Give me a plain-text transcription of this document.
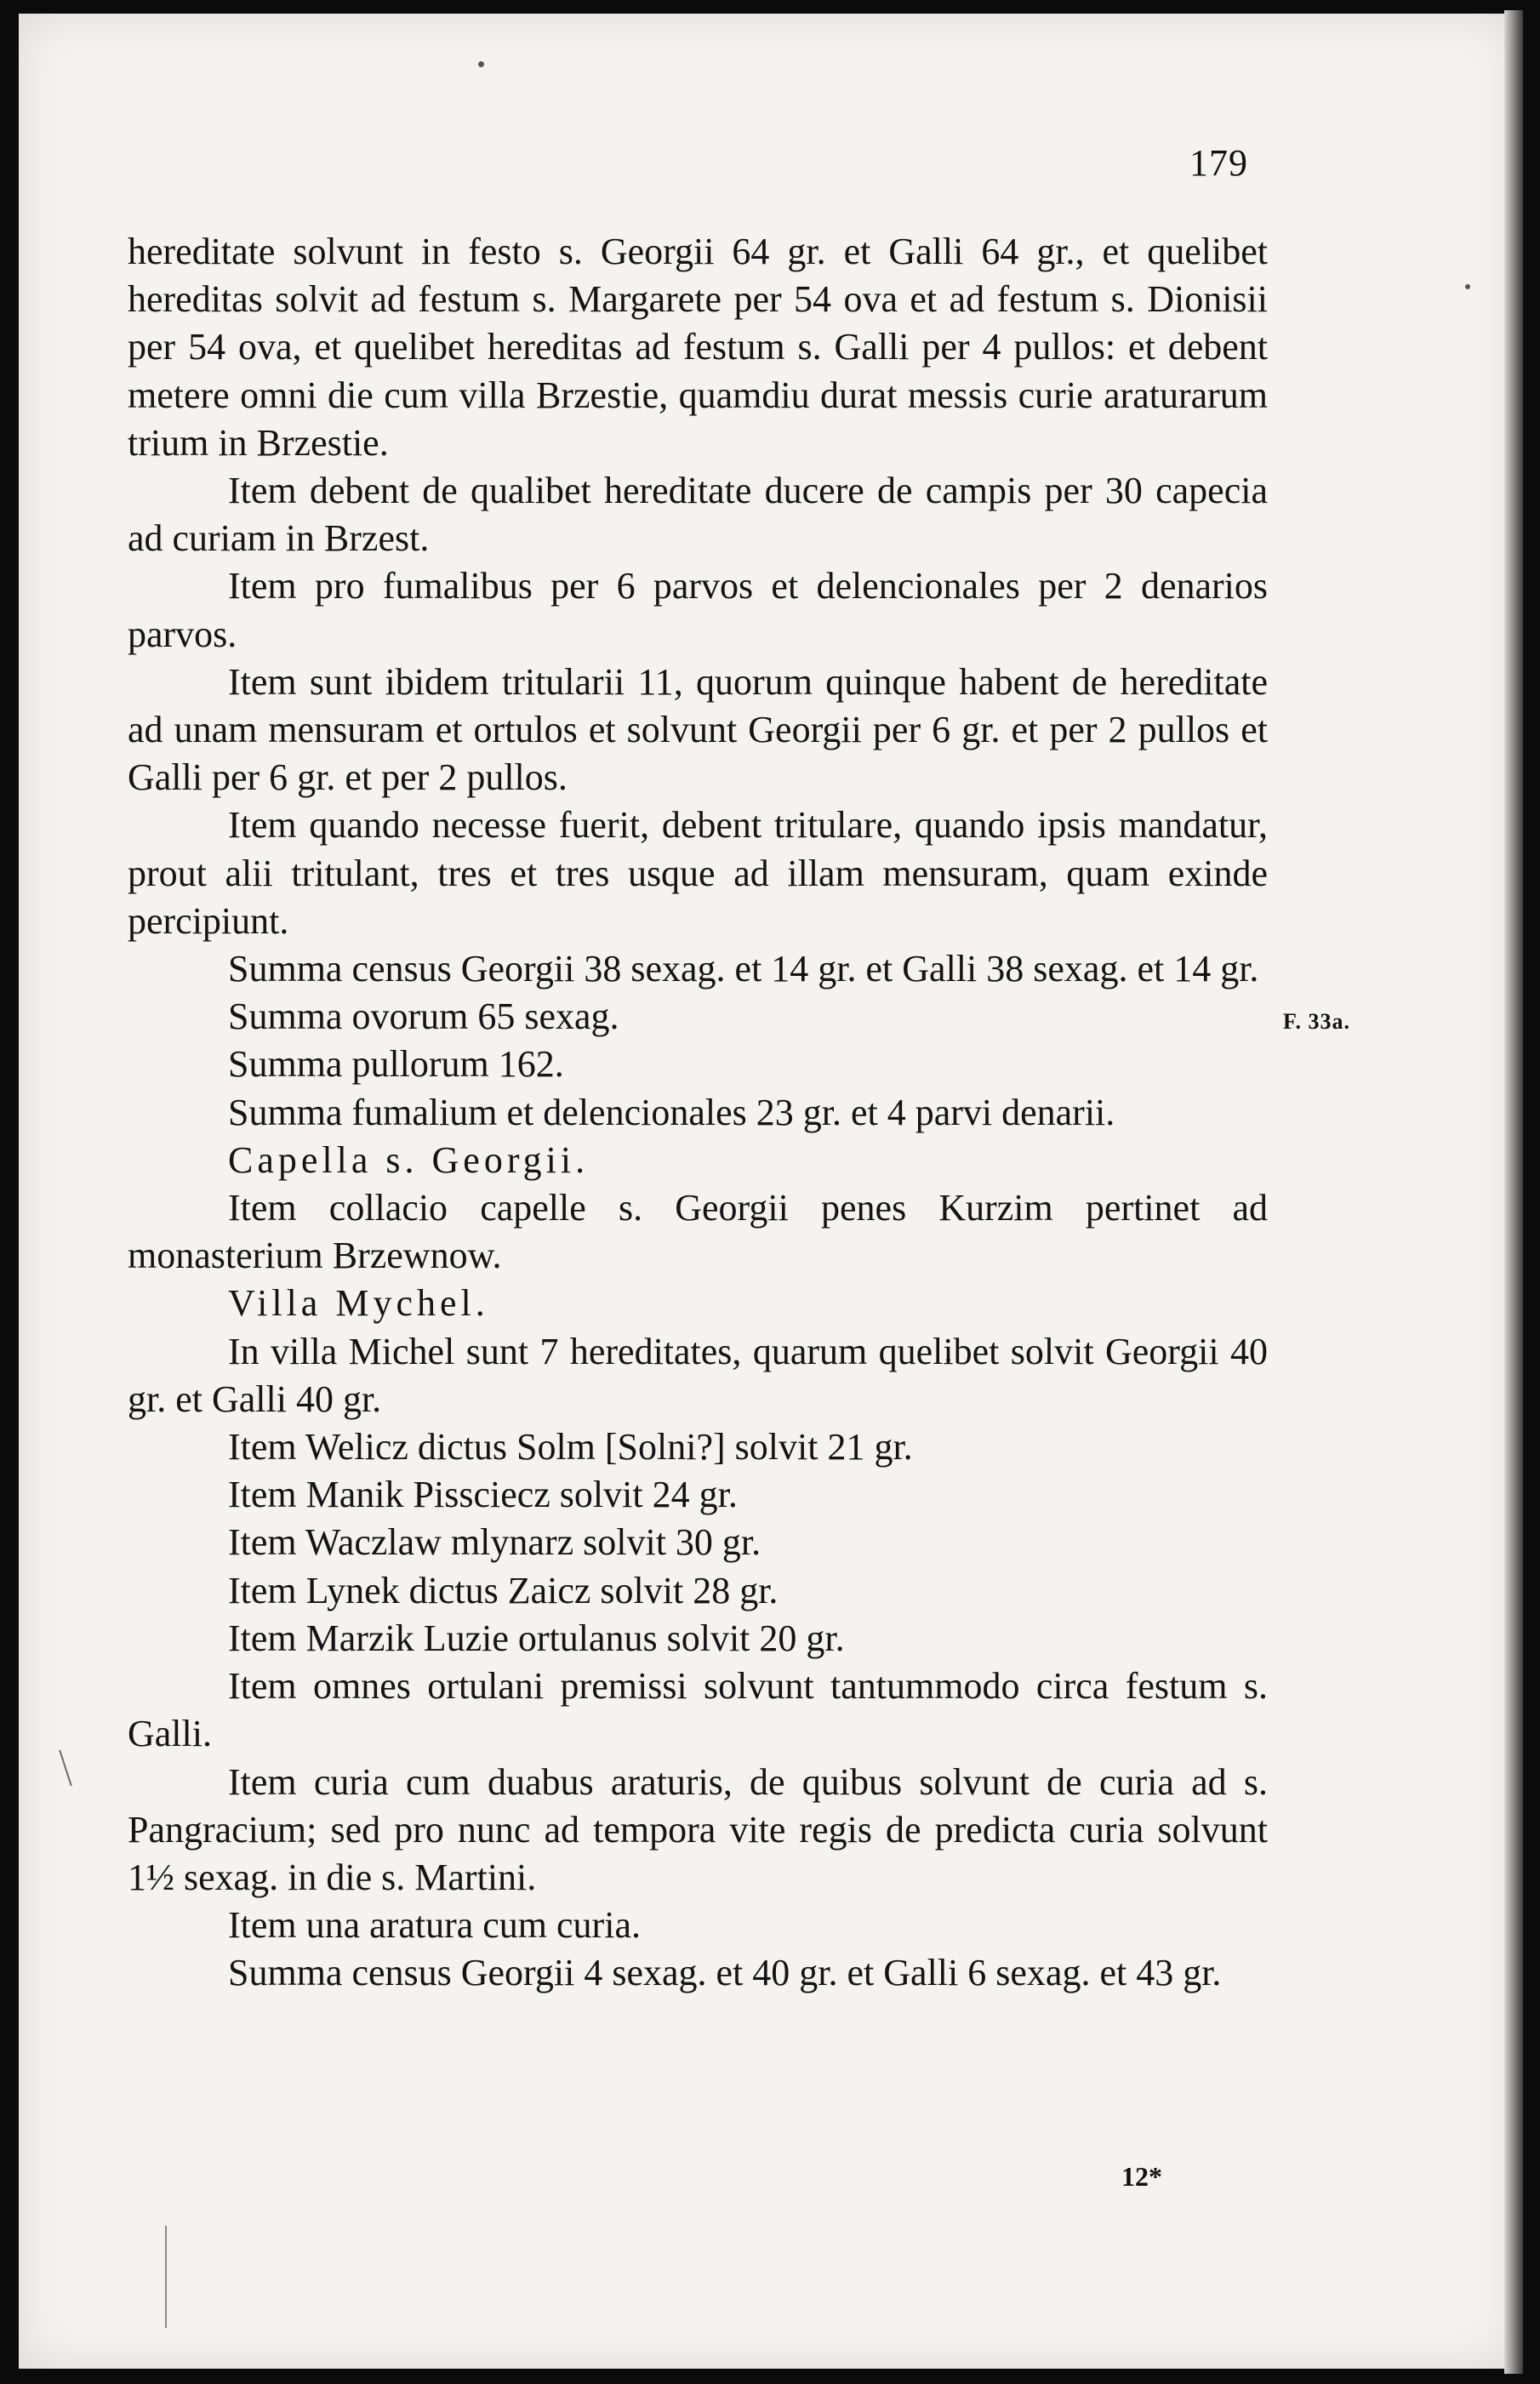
179
F. 33a.

hereditate solvunt in festo s. Georgii 64 gr. et Galli 64 gr., et quelibet hereditas solvit ad festum s. Margarete per 54 ova et ad festum s. Dionisii per 54 ova, et quelibet hereditas ad festum s. Galli per 4 pullos: et debent metere omni die cum villa Brzestie, quamdiu durat messis curie araturarum trium in Brzestie.

Item debent de qualibet hereditate ducere de campis per 30 capecia ad curiam in Brzest.

Item pro fumalibus per 6 parvos et delencionales per 2 denarios parvos.

Item sunt ibidem tritularii 11, quorum quinque habent de hereditate ad unam mensuram et ortulos et solvunt Georgii per 6 gr. et per 2 pullos et Galli per 6 gr. et per 2 pullos.

Item quando necesse fuerit, debent tritulare, quando ipsis mandatur, prout alii tritulant, tres et tres usque ad illam mensuram, quam exinde percipiunt.

Summa census Georgii 38 sexag. et 14 gr. et Galli 38 sexag. et 14 gr.

Summa ovorum 65 sexag.

Summa pullorum 162.

Summa fumalium et delencionales 23 gr. et 4 parvi denarii.

Capella s. Georgii.

Item collacio capelle s. Georgii penes Kurzim pertinet ad monasterium Brzewnow.

Villa Mychel.

In villa Michel sunt 7 hereditates, quarum quelibet solvit Georgii 40 gr. et Galli 40 gr.

Item Welicz dictus Solm [Solni?] solvit 21 gr.

Item Manik Pissciecz solvit 24 gr.

Item Waczlaw mlynarz solvit 30 gr.

Item Lynek dictus Zaicz solvit 28 gr.

Item Marzik Luzie ortulanus solvit 20 gr.

Item omnes ortulani premissi solvunt tantummodo circa festum s. Galli.

Item curia cum duabus araturis, de quibus solvunt de curia ad s. Pangracium; sed pro nunc ad tempora vite regis de predicta curia solvunt 1½ sexag. in die s. Martini.

Item una aratura cum curia.

Summa census Georgii 4 sexag. et 40 gr. et Galli 6 sexag. et 43 gr.

12*
